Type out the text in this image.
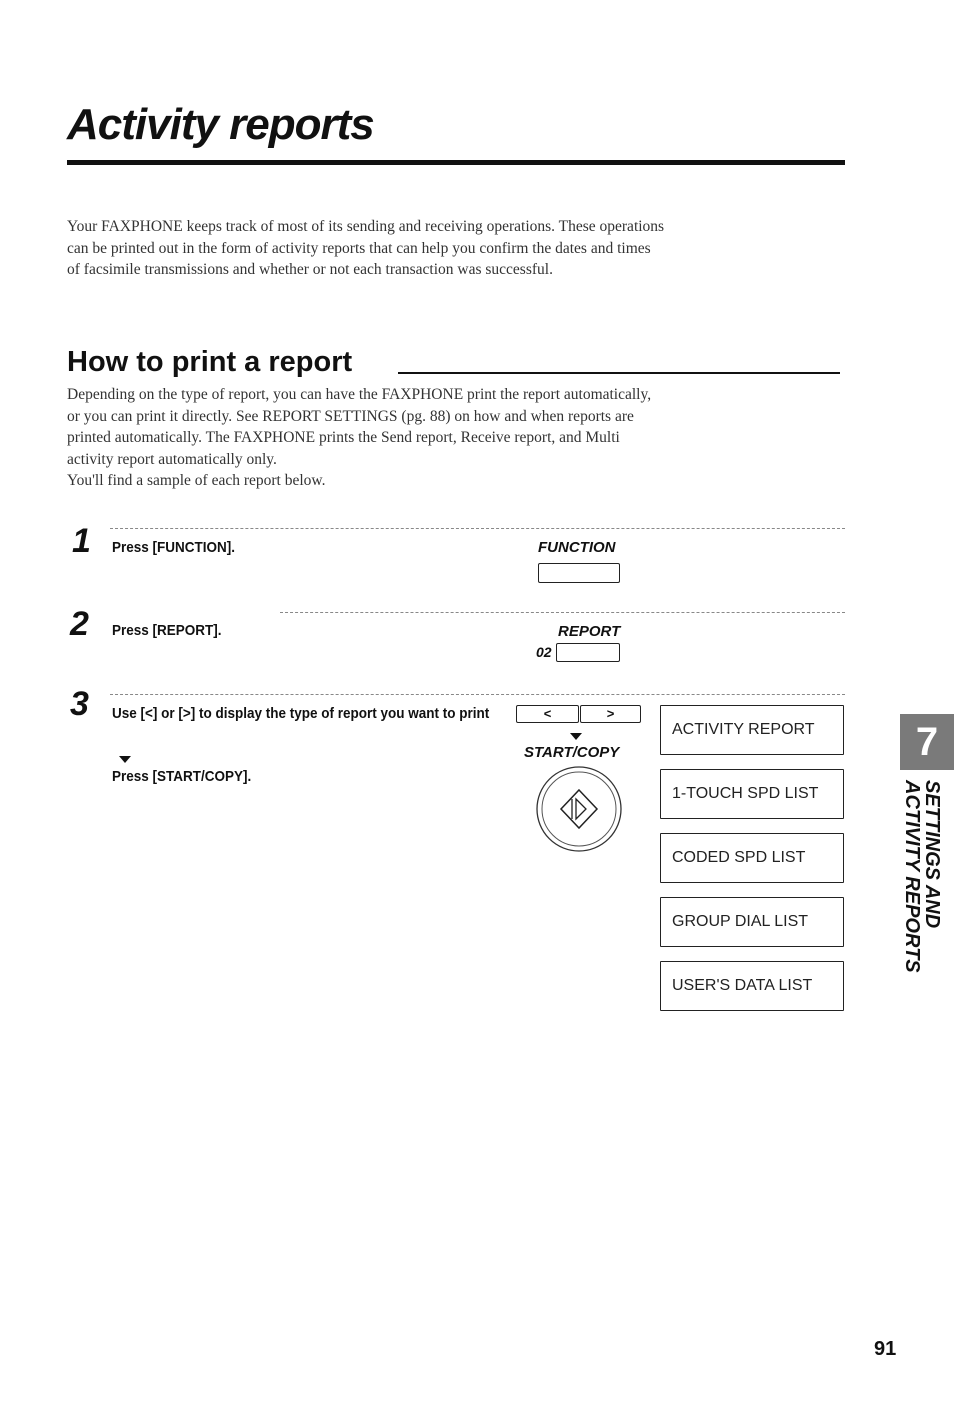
Activity reports

Your FAXPHONE keeps track of most of its sending and receiving operations. These operations can be printed out in the form of activity reports that can help you confirm the dates and times of facsimile transmissions and whether or not each transaction was successful.

How to print a report

Depending on the type of report, you can have the FAXPHONE print the report automatically, or you can print it directly. See REPORT SETTINGS (pg. 88) on how and when reports are printed automatically. The FAXPHONE prints the Send report, Receive report, and Multi activity report automatically only.

You'll find a sample of each report below.

1 Press [FUNCTION].	FUNCTION
2 Press [REPORT].	REPORT
02
3 Use [<] or [>] to display the type of report you want to print
Press [START/COPY].
<	>
START/COPY
ACTIVITY REPORT
1-TOUCH SPD LIST
CODED SPD LIST
GROUP DIAL LIST
USER'S DATA LIST
7
SETTINGS AND
ACTIVITY REPORTS
91
